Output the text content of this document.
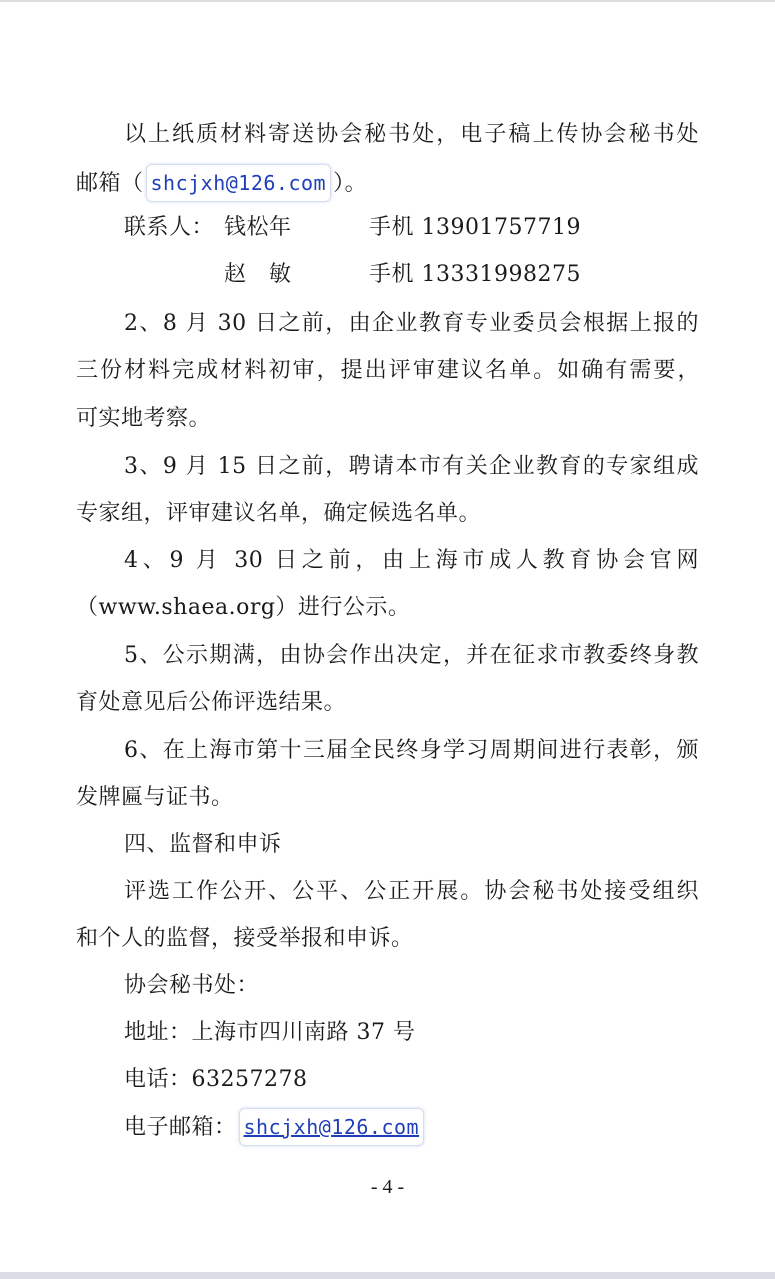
以上纸质材料寄送协会秘书处，电子稿上传协会秘书处
邮箱（ shcjxh@126.com ）。
联系人： 钱松年	手机 13901757719
赵　敏	手机 13331998275
2、8 月 30 日之前，由企业教育专业委员会根据上报的
三份材料完成材料初审，提出评审建议名单。如确有需要，
可实地考察。
3、9 月 15 日之前，聘请本市有关企业教育的专家组成
专家组，评审建议名单，确定候选名单。
4、9 月 30 日之前，由上海市成人教育协会官网
（www.shaea.org）进行公示。
5、公示期满，由协会作出决定，并在征求市教委终身教
育处意见后公佈评选结果。
6、在上海市第十三届全民终身学习周期间进行表彰，颁
发牌匾与证书。
四、监督和申诉
评选工作公开、公平、公正开展。协会秘书处接受组织
和个人的监督，接受举报和申诉。
协会秘书处：
地址：上海市四川南路 37 号
电话：63257278
电子邮箱： shcjxh@126.com
- 4 -
